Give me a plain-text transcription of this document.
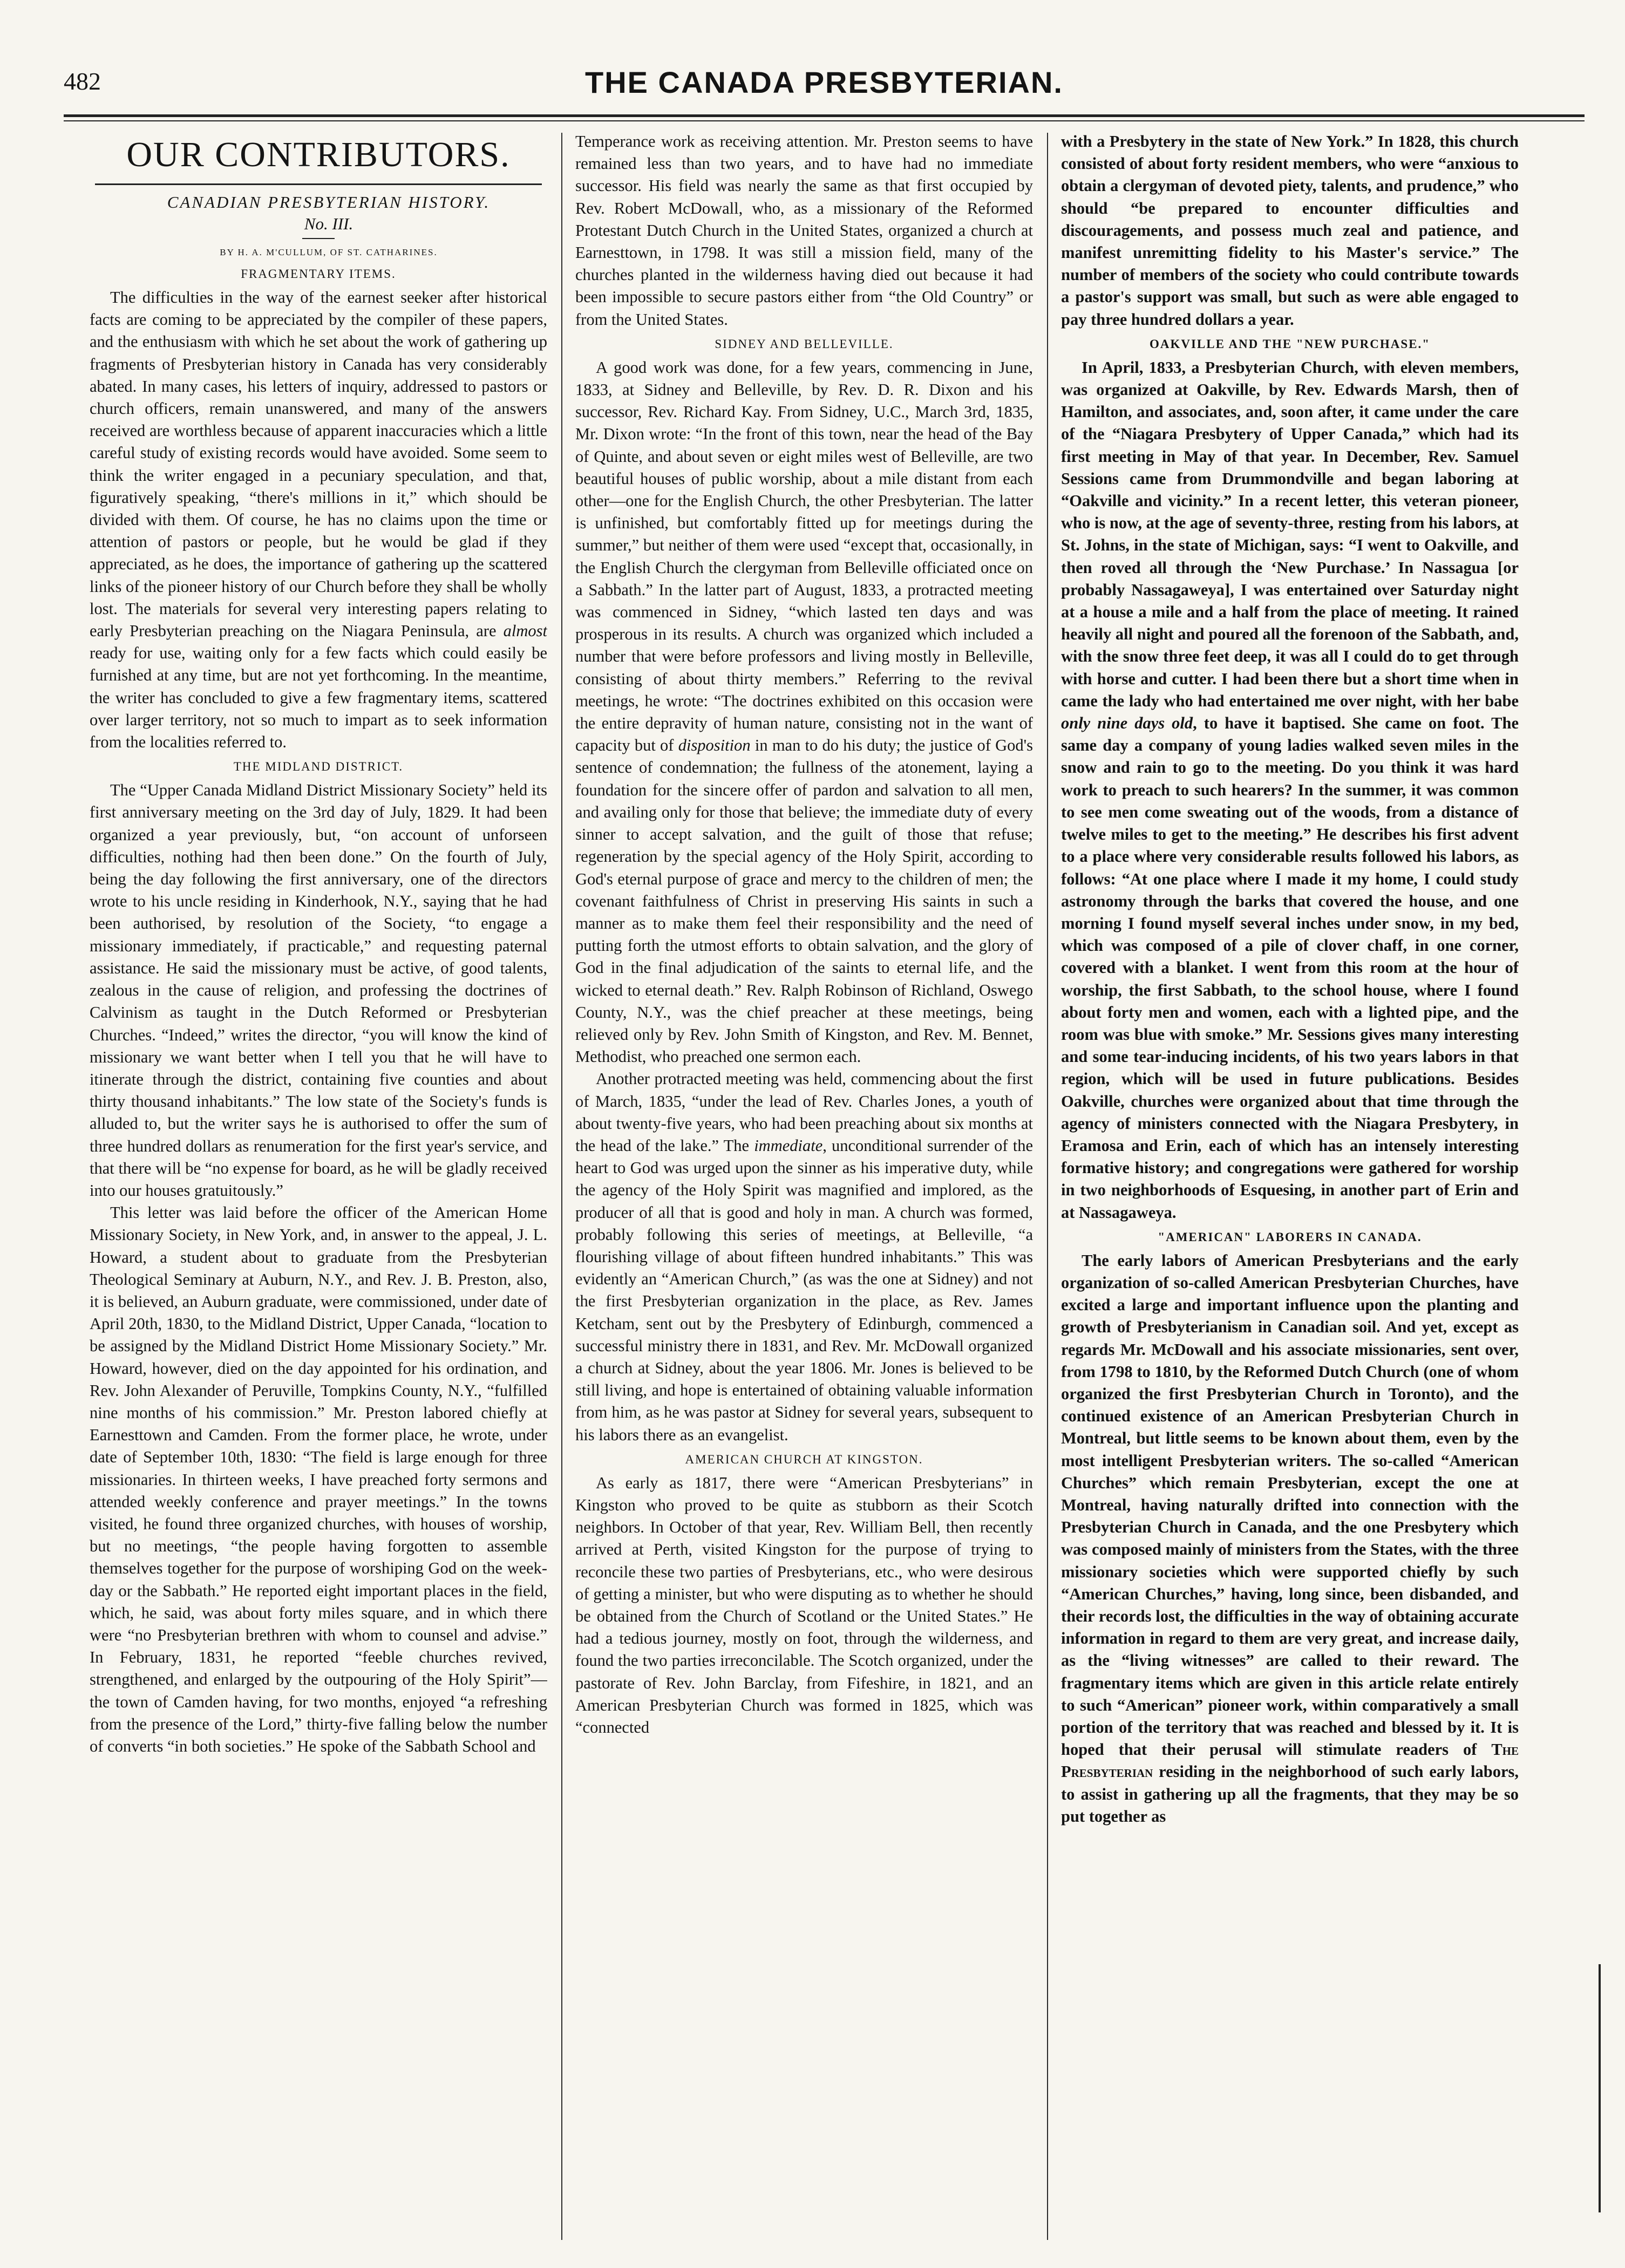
482	THE CANADA PRESBYTERIAN.
OUR CONTRIBUTORS.

CANADIAN PRESBYTERIAN HISTORY.

No. III.

BY H. A. M'CULLUM, OF ST. CATHARINES.

FRAGMENTARY ITEMS.

The difficulties in the way of the earnest seeker after historical facts are coming to be appreciated by the compiler of these papers, and the enthusiasm with which he set about the work of gathering up fragments of Presbyterian history in Canada has very considerably abated. In many cases, his letters of inquiry, addressed to pastors or church officers, remain unanswered, and many of the answers received are worthless because of apparent inaccuracies which a little careful study of existing records would have avoided. Some seem to think the writer engaged in a pecuniary speculation, and that, figuratively speaking, “there's millions in it,” which should be divided with them. Of course, he has no claims upon the time or attention of pastors or people, but he would be glad if they appreciated, as he does, the importance of gathering up the scattered links of the pioneer history of our Church before they shall be wholly lost. The materials for several very interesting papers relating to early Presbyterian preaching on the Niagara Peninsula, are almost ready for use, waiting only for a few facts which could easily be furnished at any time, but are not yet forthcoming. In the meantime, the writer has concluded to give a few fragmentary items, scattered over larger territory, not so much to impart as to seek information from the localities referred to.

THE MIDLAND DISTRICT.

The “Upper Canada Midland District Missionary Society” held its first anniversary meeting on the 3rd day of July, 1829. It had been organized a year previously, but, “on account of unforseen difficulties, nothing had then been done.” On the fourth of July, being the day following the first anniversary, one of the directors wrote to his uncle residing in Kinderhook, N.Y., saying that he had been authorised, by resolution of the Society, “to engage a missionary immediately, if practicable,” and requesting paternal assistance. He said the missionary must be active, of good talents, zealous in the cause of religion, and professing the doctrines of Calvinism as taught in the Dutch Reformed or Presbyterian Churches. “Indeed,” writes the director, “you will know the kind of missionary we want better when I tell you that he will have to itinerate through the district, containing five counties and about thirty thousand inhabitants.” The low state of the Society's funds is alluded to, but the writer says he is authorised to offer the sum of three hundred dollars as renumeration for the first year's service, and that there will be “no expense for board, as he will be gladly received into our houses gratuitously.”

This letter was laid before the officer of the American Home Missionary Society, in New York, and, in answer to the appeal, J. L. Howard, a student about to graduate from the Presbyterian Theological Seminary at Auburn, N.Y., and Rev. J. B. Preston, also, it is believed, an Auburn graduate, were commissioned, under date of April 20th, 1830, to the Midland District, Upper Canada, “location to be assigned by the Midland District Home Missionary Society.” Mr. Howard, however, died on the day appointed for his ordination, and Rev. John Alexander of Peruville, Tompkins County, N.Y., “fulfilled nine months of his commission.” Mr. Preston labored chiefly at Earnesttown and Camden. From the former place, he wrote, under date of September 10th, 1830: “The field is large enough for three missionaries. In thirteen weeks, I have preached forty sermons and attended weekly conference and prayer meetings.” In the towns visited, he found three organized churches, with houses of worship, but no meetings, “the people having forgotten to assemble themselves together for the purpose of worshiping God on the week-day or the Sabbath.” He reported eight important places in the field, which, he said, was about forty miles square, and in which there were “no Presbyterian brethren with whom to counsel and advise.” In February, 1831, he reported “feeble churches revived, strengthened, and enlarged by the outpouring of the Holy Spirit”—the town of Camden having, for two months, enjoyed “a refreshing from the presence of the Lord,” thirty-five falling below the number of converts “in both societies.” He spoke of the Sabbath School and

Temperance work as receiving attention. Mr. Preston seems to have remained less than two years, and to have had no immediate successor. His field was nearly the same as that first occupied by Rev. Robert McDowall, who, as a missionary of the Reformed Protestant Dutch Church in the United States, organized a church at Earnesttown, in 1798. It was still a mission field, many of the churches planted in the wilderness having died out because it had been impossible to secure pastors either from “the Old Country” or from the United States.

SIDNEY AND BELLEVILLE.

A good work was done, for a few years, commencing in June, 1833, at Sidney and Belleville, by Rev. D. R. Dixon and his successor, Rev. Richard Kay. From Sidney, U.C., March 3rd, 1835, Mr. Dixon wrote: “In the front of this town, near the head of the Bay of Quinte, and about seven or eight miles west of Belleville, are two beautiful houses of public worship, about a mile distant from each other—one for the English Church, the other Presbyterian. The latter is unfinished, but comfortably fitted up for meetings during the summer,” but neither of them were used “except that, occasionally, in the English Church the clergyman from Belleville officiated once on a Sabbath.” In the latter part of August, 1833, a protracted meeting was commenced in Sidney, “which lasted ten days and was prosperous in its results. A church was organized which included a number that were before professors and living mostly in Belleville, consisting of about thirty members.” Referring to the revival meetings, he wrote: “The doctrines exhibited on this occasion were the entire depravity of human nature, consisting not in the want of capacity but of disposition in man to do his duty; the justice of God's sentence of condemnation; the fullness of the atonement, laying a foundation for the sincere offer of pardon and salvation to all men, and availing only for those that believe; the immediate duty of every sinner to accept salvation, and the guilt of those that refuse; regeneration by the special agency of the Holy Spirit, according to God's eternal purpose of grace and mercy to the children of men; the covenant faithfulness of Christ in preserving His saints in such a manner as to make them feel their responsibility and the need of putting forth the utmost efforts to obtain salvation, and the glory of God in the final adjudication of the saints to eternal life, and the wicked to eternal death.” Rev. Ralph Robinson of Richland, Oswego County, N.Y., was the chief preacher at these meetings, being relieved only by Rev. John Smith of Kingston, and Rev. M. Bennet, Methodist, who preached one sermon each.

Another protracted meeting was held, commencing about the first of March, 1835, “under the lead of Rev. Charles Jones, a youth of about twenty-five years, who had been preaching about six months at the head of the lake.” The immediate, unconditional surrender of the heart to God was urged upon the sinner as his imperative duty, while the agency of the Holy Spirit was magnified and implored, as the producer of all that is good and holy in man. A church was formed, probably following this series of meetings, at Belleville, “a flourishing village of about fifteen hundred inhabitants.” This was evidently an “American Church,” (as was the one at Sidney) and not the first Presbyterian organization in the place, as Rev. James Ketcham, sent out by the Presbytery of Edinburgh, commenced a successful ministry there in 1831, and Rev. Mr. McDowall organized a church at Sidney, about the year 1806. Mr. Jones is believed to be still living, and hope is entertained of obtaining valuable information from him, as he was pastor at Sidney for several years, subsequent to his labors there as an evangelist.

AMERICAN CHURCH AT KINGSTON.

As early as 1817, there were “American Presbyterians” in Kingston who proved to be quite as stubborn as their Scotch neighbors. In October of that year, Rev. William Bell, then recently arrived at Perth, visited Kingston for the purpose of trying to reconcile these two parties of Presbyterians, etc., who were desirous of getting a minister, but who were disputing as to whether he should be obtained from the Church of Scotland or the United States.” He had a tedious journey, mostly on foot, through the wilderness, and found the two parties irreconcilable. The Scotch organized, under the pastorate of Rev. John Barclay, from Fifeshire, in 1821, and an American Presbyterian Church was formed in 1825, which was “connected

with a Presbytery in the state of New York.” In 1828, this church consisted of about forty resident members, who were “anxious to obtain a clergyman of devoted piety, talents, and prudence,” who should “be prepared to encounter difficulties and discouragements, and possess much zeal and patience, and manifest unremitting fidelity to his Master's service.” The number of members of the society who could contribute towards a pastor's support was small, but such as were able engaged to pay three hundred dollars a year.

OAKVILLE AND THE "NEW PURCHASE."

In April, 1833, a Presbyterian Church, with eleven members, was organized at Oakville, by Rev. Edwards Marsh, then of Hamilton, and associates, and, soon after, it came under the care of the “Niagara Presbytery of Upper Canada,” which had its first meeting in May of that year. In December, Rev. Samuel Sessions came from Drummondville and began laboring at “Oakville and vicinity.” In a recent letter, this veteran pioneer, who is now, at the age of seventy-three, resting from his labors, at St. Johns, in the state of Michigan, says: “I went to Oakville, and then roved all through the ‘New Purchase.’ In Nassagua [or probably Nassagaweya], I was entertained over Saturday night at a house a mile and a half from the place of meeting. It rained heavily all night and poured all the forenoon of the Sabbath, and, with the snow three feet deep, it was all I could do to get through with horse and cutter. I had been there but a short time when in came the lady who had entertained me over night, with her babe only nine days old, to have it baptised. She came on foot. The same day a company of young ladies walked seven miles in the snow and rain to go to the meeting. Do you think it was hard work to preach to such hearers? In the summer, it was common to see men come sweating out of the woods, from a distance of twelve miles to get to the meeting.” He describes his first advent to a place where very considerable results followed his labors, as follows: “At one place where I made it my home, I could study astronomy through the barks that covered the house, and one morning I found myself several inches under snow, in my bed, which was composed of a pile of clover chaff, in one corner, covered with a blanket. I went from this room at the hour of worship, the first Sabbath, to the school house, where I found about forty men and women, each with a lighted pipe, and the room was blue with smoke.” Mr. Sessions gives many interesting and some tear-inducing incidents, of his two years labors in that region, which will be used in future publications. Besides Oakville, churches were organized about that time through the agency of ministers connected with the Niagara Presbytery, in Eramosa and Erin, each of which has an intensely interesting formative history; and congregations were gathered for worship in two neighborhoods of Esquesing, in another part of Erin and at Nassagaweya.

"AMERICAN" LABORERS IN CANADA.

The early labors of American Presbyterians and the early organization of so-called American Presbyterian Churches, have excited a large and important influence upon the planting and growth of Presbyterianism in Canadian soil. And yet, except as regards Mr. McDowall and his associate missionaries, sent over, from 1798 to 1810, by the Reformed Dutch Church (one of whom organized the first Presbyterian Church in Toronto), and the continued existence of an American Presbyterian Church in Montreal, but little seems to be known about them, even by the most intelligent Presbyterian writers. The so-called “American Churches” which remain Presbyterian, except the one at Montreal, having naturally drifted into connection with the Presbyterian Church in Canada, and the one Presbytery which was composed mainly of ministers from the States, with the three missionary societies which were supported chiefly by such “American Churches,” having, long since, been disbanded, and their records lost, the difficulties in the way of obtaining accurate information in regard to them are very great, and increase daily, as the “living witnesses” are called to their reward. The fragmentary items which are given in this article relate entirely to such “American” pioneer work, within comparatively a small portion of the territory that was reached and blessed by it. It is hoped that their perusal will stimulate readers of The Presbyterian residing in the neighborhood of such early labors, to assist in gathering up all the fragments, that they may be so put together as
